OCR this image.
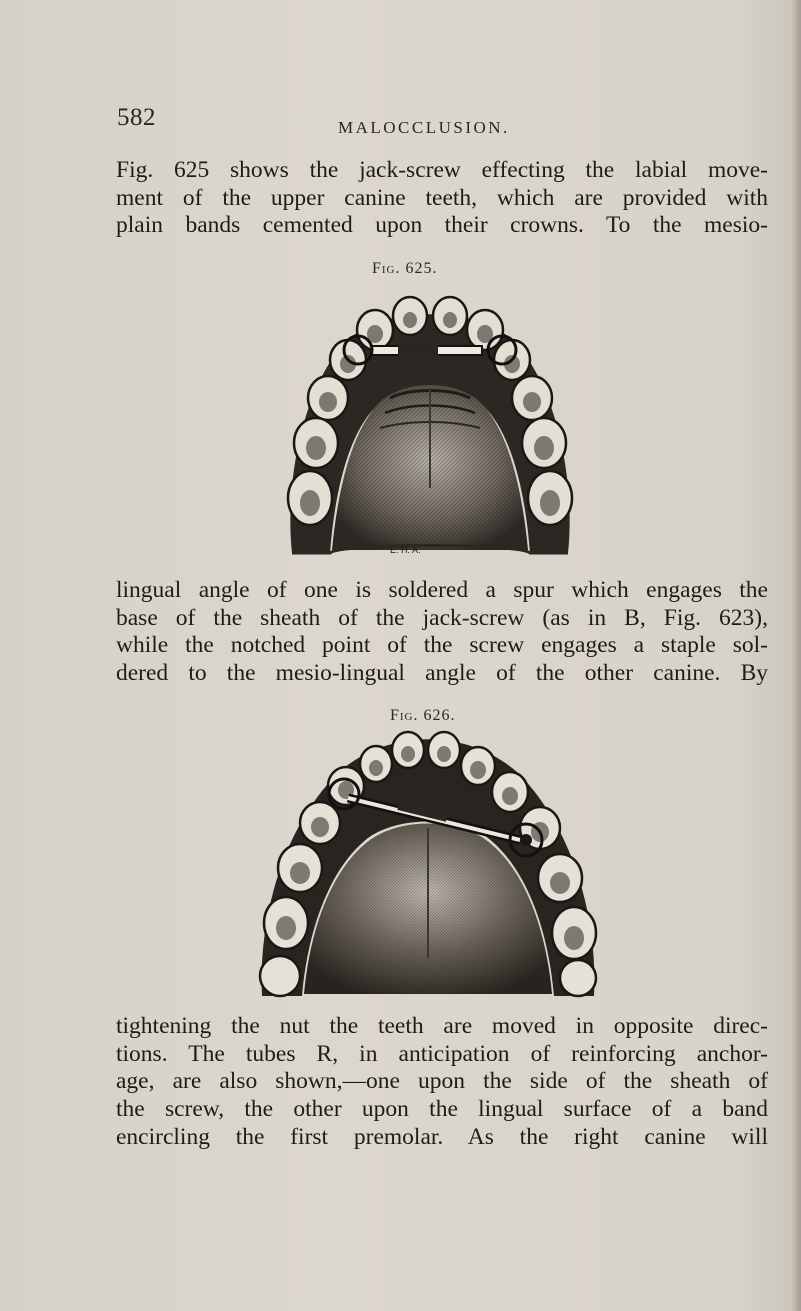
582	MALOCCLUSION.
Fig. 625 shows the jack-screw effecting the labial move-
ment of the upper canine teeth, which are provided with
plain bands cemented upon their crowns. To the mesio-
Fig. 625.
E. H. A.
lingual angle of one is soldered a spur which engages the
base of the sheath of the jack-screw (as in B, Fig. 623),
while the notched point of the screw engages a staple sol-
dered to the mesio-lingual angle of the other canine. By
Fig. 626.
tightening the nut the teeth are moved in opposite direc-
tions. The tubes R, in anticipation of reinforcing anchor-
age, are also shown,—one upon the side of the sheath of
the screw, the other upon the lingual surface of a band
encircling the first premolar. As the right canine will
